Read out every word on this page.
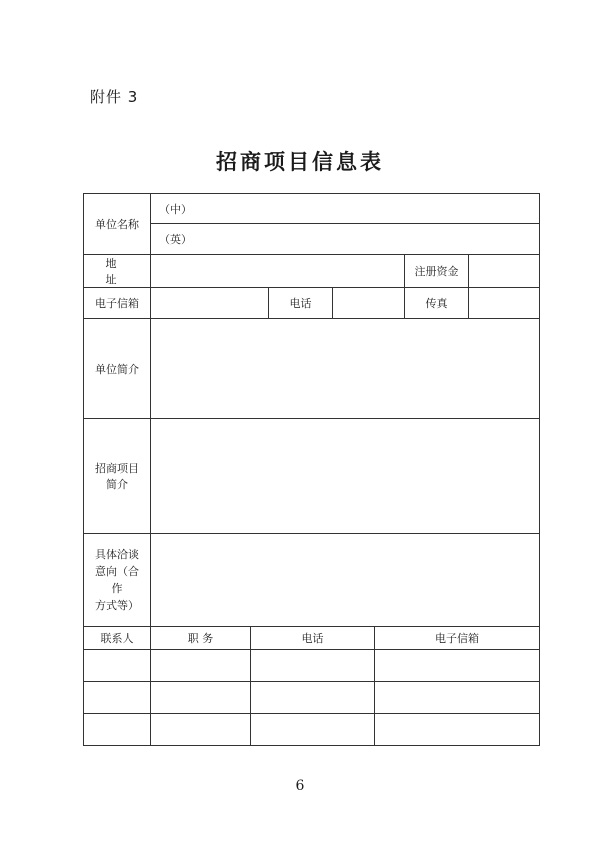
附件 3
招商项目信息表
单位名称	（中）						
	（英）						
地 址						注册资金	
电子信箱			电话			传真	
单位简介							

招商项目
简介							

具体洽谈
意向（合作
方式等）							

联系人	职 务	电话			电子信箱		

6
